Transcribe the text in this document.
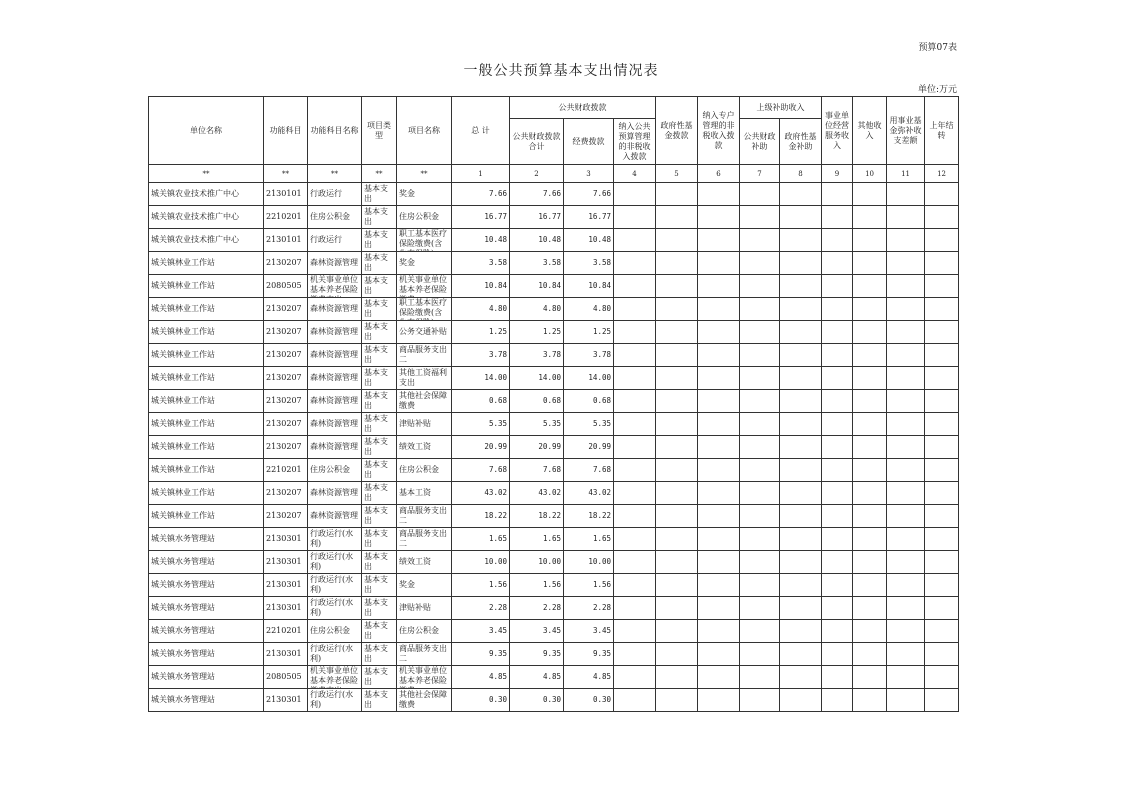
预算07表
一般公共预算基本支出情况表
单位:万元
单位名称	功能科目	功能科目名称	项目类型	项目名称	总 计	公共财政拨款			政府性基金拨款	纳入专户管理的非税收入拨款	上级补助收入		事业单位经营服务收入	其他收入	用事业基金弥补收支差额	上年结转
						公共财政拨款合计	经费拨款	纳入公共预算管理的非税收入拨款			公共财政补助	政府性基金补助				
**	**	**	**	**	1	2	3	4	5	6	7	8	9	10	11	12

城关镇农业技术推广中心	2130101	行政运行	基本支出	奖金	7.66	7.66	7.66									

城关镇农业技术推广中心	2210201	住房公积金	基本支出	住房公积金	16.77	16.77	16.77									

城关镇农业技术推广中心	2130101	行政运行	基本支出	职工基本医疗保险缴费(含	10.48	10.48	10.48									

城关镇林业工作站	2130207	森林资源管理	基本支出	奖金	3.58	3.58	3.58									

城关镇林业工作站	2080505	机关事业单位基本养老保险	基本支出	机关事业单位基本养老保险	10.84	10.84	10.84									

城关镇林业工作站	2130207	森林资源管理	基本支出	职工基本医疗保险缴费(含	4.80	4.80	4.80									

城关镇林业工作站	2130207	森林资源管理	基本支出	公务交通补贴	1.25	1.25	1.25									

城关镇林业工作站	2130207	森林资源管理	基本支出	商品服务支出二	3.78	3.78	3.78									

城关镇林业工作站	2130207	森林资源管理	基本支出	其他工资福利支出	14.00	14.00	14.00									

城关镇林业工作站	2130207	森林资源管理	基本支出	其他社会保障缴费	0.68	0.68	0.68									

城关镇林业工作站	2130207	森林资源管理	基本支出	津贴补贴	5.35	5.35	5.35									

城关镇林业工作站	2130207	森林资源管理	基本支出	绩效工资	20.99	20.99	20.99									

城关镇林业工作站	2210201	住房公积金	基本支出	住房公积金	7.68	7.68	7.68									

城关镇林业工作站	2130207	森林资源管理	基本支出	基本工资	43.02	43.02	43.02									

城关镇林业工作站	2130207	森林资源管理	基本支出	商品服务支出二	18.22	18.22	18.22									

城关镇水务管理站	2130301	行政运行(水利)	基本支出	商品服务支出二	1.65	1.65	1.65									

城关镇水务管理站	2130301	行政运行(水利)	基本支出	绩效工资	10.00	10.00	10.00									

城关镇水务管理站	2130301	行政运行(水利)	基本支出	奖金	1.56	1.56	1.56									

城关镇水务管理站	2130301	行政运行(水利)	基本支出	津贴补贴	2.28	2.28	2.28									

城关镇水务管理站	2210201	住房公积金	基本支出	住房公积金	3.45	3.45	3.45									

城关镇水务管理站	2130301	行政运行(水利)	基本支出	商品服务支出二	9.35	9.35	9.35									

城关镇水务管理站	2080505	机关事业单位基本养老保险	基本支出	机关事业单位基本养老保险	4.85	4.85	4.85									

城关镇水务管理站	2130301	行政运行(水利)	基本支出	其他社会保障缴费	0.30	0.30	0.30									
